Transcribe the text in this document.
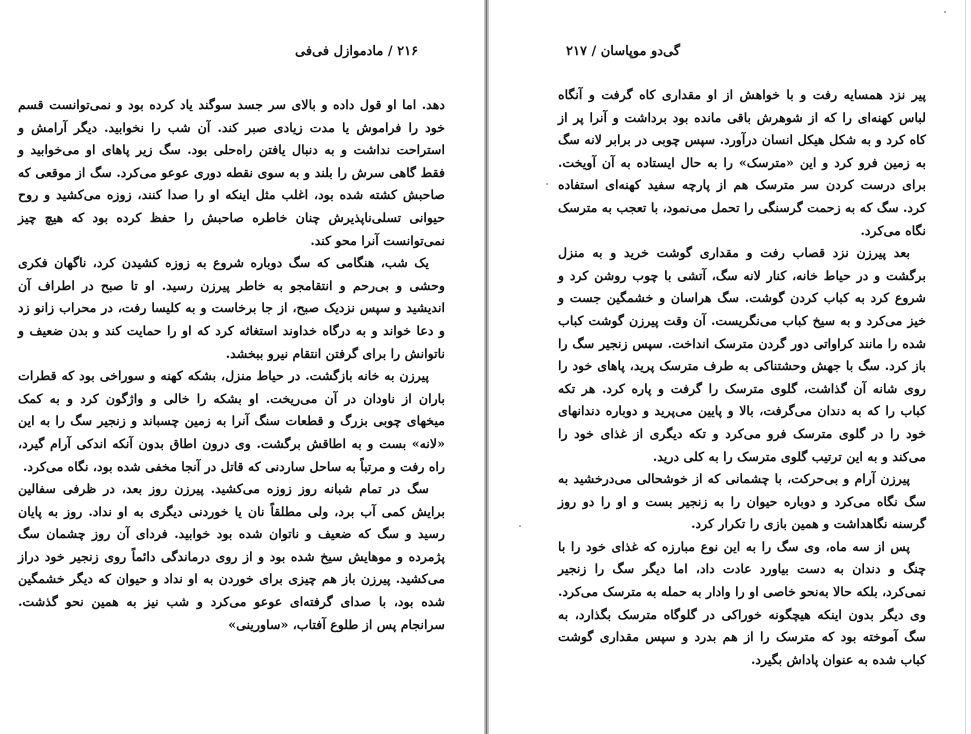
۲۱۶ / مادموازل فی‌فی

دهد. اما او قول داده و بالای سر جسد سوگند یاد کرده بود و نمی‌توانست قسم خود را فراموش یا مدت زیادی صبر کند. آن شب را نخوابید. دیگر آرامش و استراحت نداشت و به دنبال یافتن راه‌حلی بود. سگ زیر پاهای او می‌خوابید و فقط گاهی سرش را بلند و به سوی نقطه دوری عوعو می‌کرد. سگ از موقعی که صاحبش کشته شده بود، اغلب مثل اینکه او را صدا کنند، زوزه می‌کشید و روح حیوانی تسلی‌ناپذیرش چنان خاطره صاحبش را حفظ کرده بود که هیچ چیز نمی‌توانست آنرا محو کند.

یک شب، هنگامی که سگ دوباره شروع به زوزه کشیدن کرد، ناگهان فکری وحشی و بی‌رحم و انتقامجو به خاطر پیرزن رسید. او تا صبح در اطراف آن اندیشید و سپس نزدیک صبح، از جا برخاست و به کلیسا رفت، در محراب زانو زد و دعا خواند و به درگاه خداوند استغاثه کرد که او را حمایت کند و بدن ضعیف و ناتوانش را برای گرفتن انتقام نیرو ببخشد.

پیرزن به خانه بازگشت. در حیاط منزل، بشکه کهنه و سوراخی بود که قطرات باران از ناودان در آن می‌ریخت. او بشکه را خالی و واژگون کرد و به کمک میخهای چوبی بزرگ و قطعات سنگ آنرا به زمین چسباند و زنجیر سگ را به این «لانه» بست و به اطاقش برگشت. وی درون اطاق بدون آنکه اندکی آرام گیرد، راه رفت و مرتباً به ساحل ساردنی که قاتل در آنجا مخفی شده بود، نگاه می‌کرد.

سگ در تمام شبانه روز زوزه می‌کشید. پیرزن روز بعد، در ظرفی سفالین برایش کمی آب برد، ولی مطلقاً نان یا خوردنی دیگری به او نداد. روز به پایان رسید و سگ که ضعیف و ناتوان شده بود خوابید. فردای آن روز چشمان سگ پژمرده و موهایش سیخ شده بود و از روی درماندگی دائماً روی زنجیر خود دراز می‌کشید. پیرزن باز هم چیزی برای خوردن به او نداد و حیوان که دیگر خشمگین شده بود، با صدای گرفته‌ای عوعو می‌کرد و شب نیز به همین نحو گذشت. سرانجام پس از طلوع آفتاب، «ساورینی»

گی‌دو موپاسان / ۲۱۷

پیر نزد همسایه رفت و با خواهش از او مقداری کاه گرفت و آنگاه لباس کهنه‌ای را که از شوهرش باقی مانده بود برداشت و آنرا پر از کاه کرد و به شکل هیکل انسان درآورد. سپس چوبی در برابر لانه سگ به زمین فرو کرد و این «مترسک» را به حال ایستاده به آن آویخت. برای درست کردن سر مترسک هم از پارچه سفید کهنه‌ای استفاده کرد. سگ که به زحمت گرسنگی را تحمل می‌نمود، با تعجب به مترسک نگاه می‌کرد.

بعد پیرزن نزد قصاب رفت و مقداری گوشت خرید و به منزل برگشت و در حیاط خانه، کنار لانه سگ، آتشی با چوب روشن کرد و شروع کرد به کباب کردن گوشت. سگ هراسان و خشمگین جست و خیز می‌کرد و به سیخ کباب می‌نگریست. آن وقت پیرزن گوشت کباب شده را مانند کراواتی دور گردن مترسک انداخت. سپس زنجیر سگ را باز کرد. سگ با جهش وحشتناکی به طرف مترسک پرید، پاهای خود را روی شانه آن گذاشت، گلوی مترسک را گرفت و پاره کرد. هر تکه کباب را که به دندان می‌گرفت، بالا و پایین می‌پرید و دوباره دندانهای خود را در گلوی مترسک فرو می‌کرد و تکه دیگری از غذای خود را می‌کند و به این ترتیب گلوی مترسک را به کلی درید.

پیرزن آرام و بی‌حرکت، با چشمانی که از خوشحالی می‌درخشید به سگ نگاه می‌کرد و دوباره حیوان را به زنجیر بست و او را دو روز گرسنه نگاهداشت و همین بازی را تکرار کرد.

پس از سه ماه، وی سگ را به این نوع مبارزه که غذای خود را با چنگ و دندان به دست بیاورد عادت داد، اما دیگر سگ را زنجیر نمی‌کرد، بلکه حالا به‌نحو خاصی او را وادار به حمله به مترسک می‌کرد. وی دیگر بدون اینکه هیچگونه خوراکی در گلوگاه مترسک بگذارد، به سگ آموخته بود که مترسک را از هم بدرد و سپس مقداری گوشت کباب شده به عنوان پاداش بگیرد.
